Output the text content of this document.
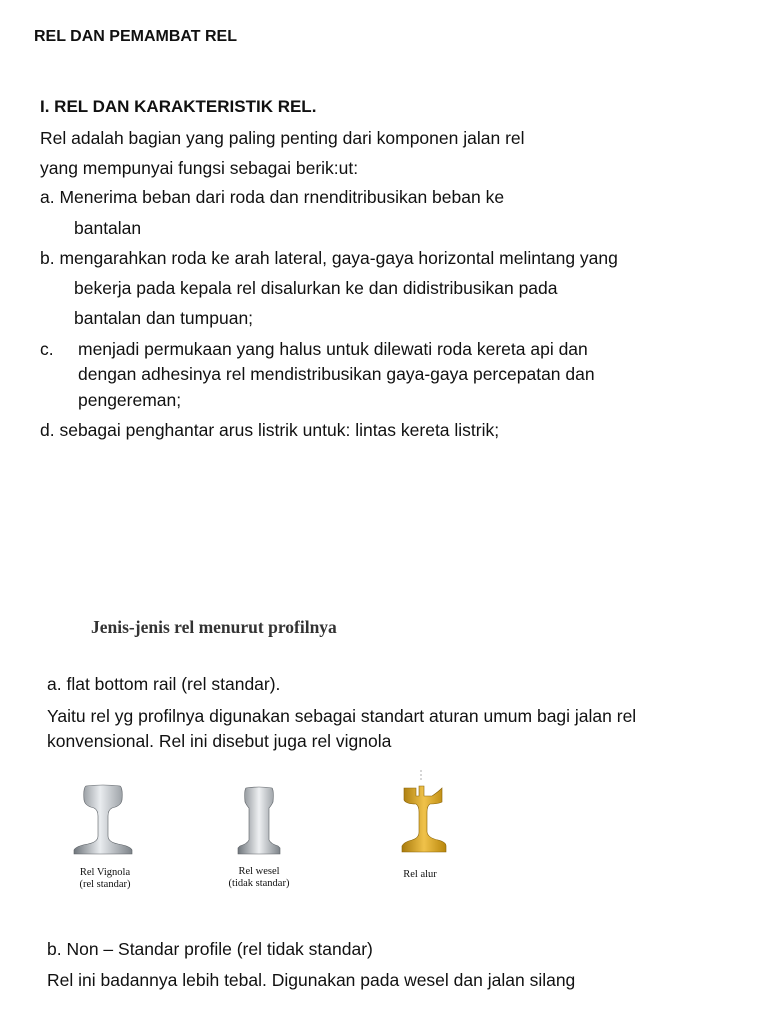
REL DAN PEMAMBAT REL
I. REL DAN KARAKTERISTIK REL.
Rel adalah bagian yang paling penting dari komponen jalan rel
yang mempunyai fungsi sebagai berik:ut:
a. Menerima beban dari roda dan rnenditribusikan beban ke
bantalan
b. mengarahkan roda ke arah lateral, gaya-gaya horizontal melintang yang
bekerja pada kepala rel disalurkan ke dan didistribusikan pada
bantalan dan tumpuan;
c. menjadi permukaan yang halus untuk dilewati roda kereta api dan
dengan adhesinya rel mendistribusikan gaya-gaya percepatan dan
pengereman;
d. sebagai penghantar arus listrik untuk: lintas kereta listrik;
Jenis-jenis rel menurut profilnya
a. flat bottom rail (rel standar).
Yaitu rel yg profilnya digunakan sebagai standart aturan umum bagi jalan rel
konvensional. Rel ini disebut juga rel vignola
Rel Vignola
(rel standar)
Rel wesel
(tidak standar)
Rel alur
b. Non – Standar profile (rel tidak standar)
Rel ini badannya lebih tebal. Digunakan pada wesel dan jalan silang
